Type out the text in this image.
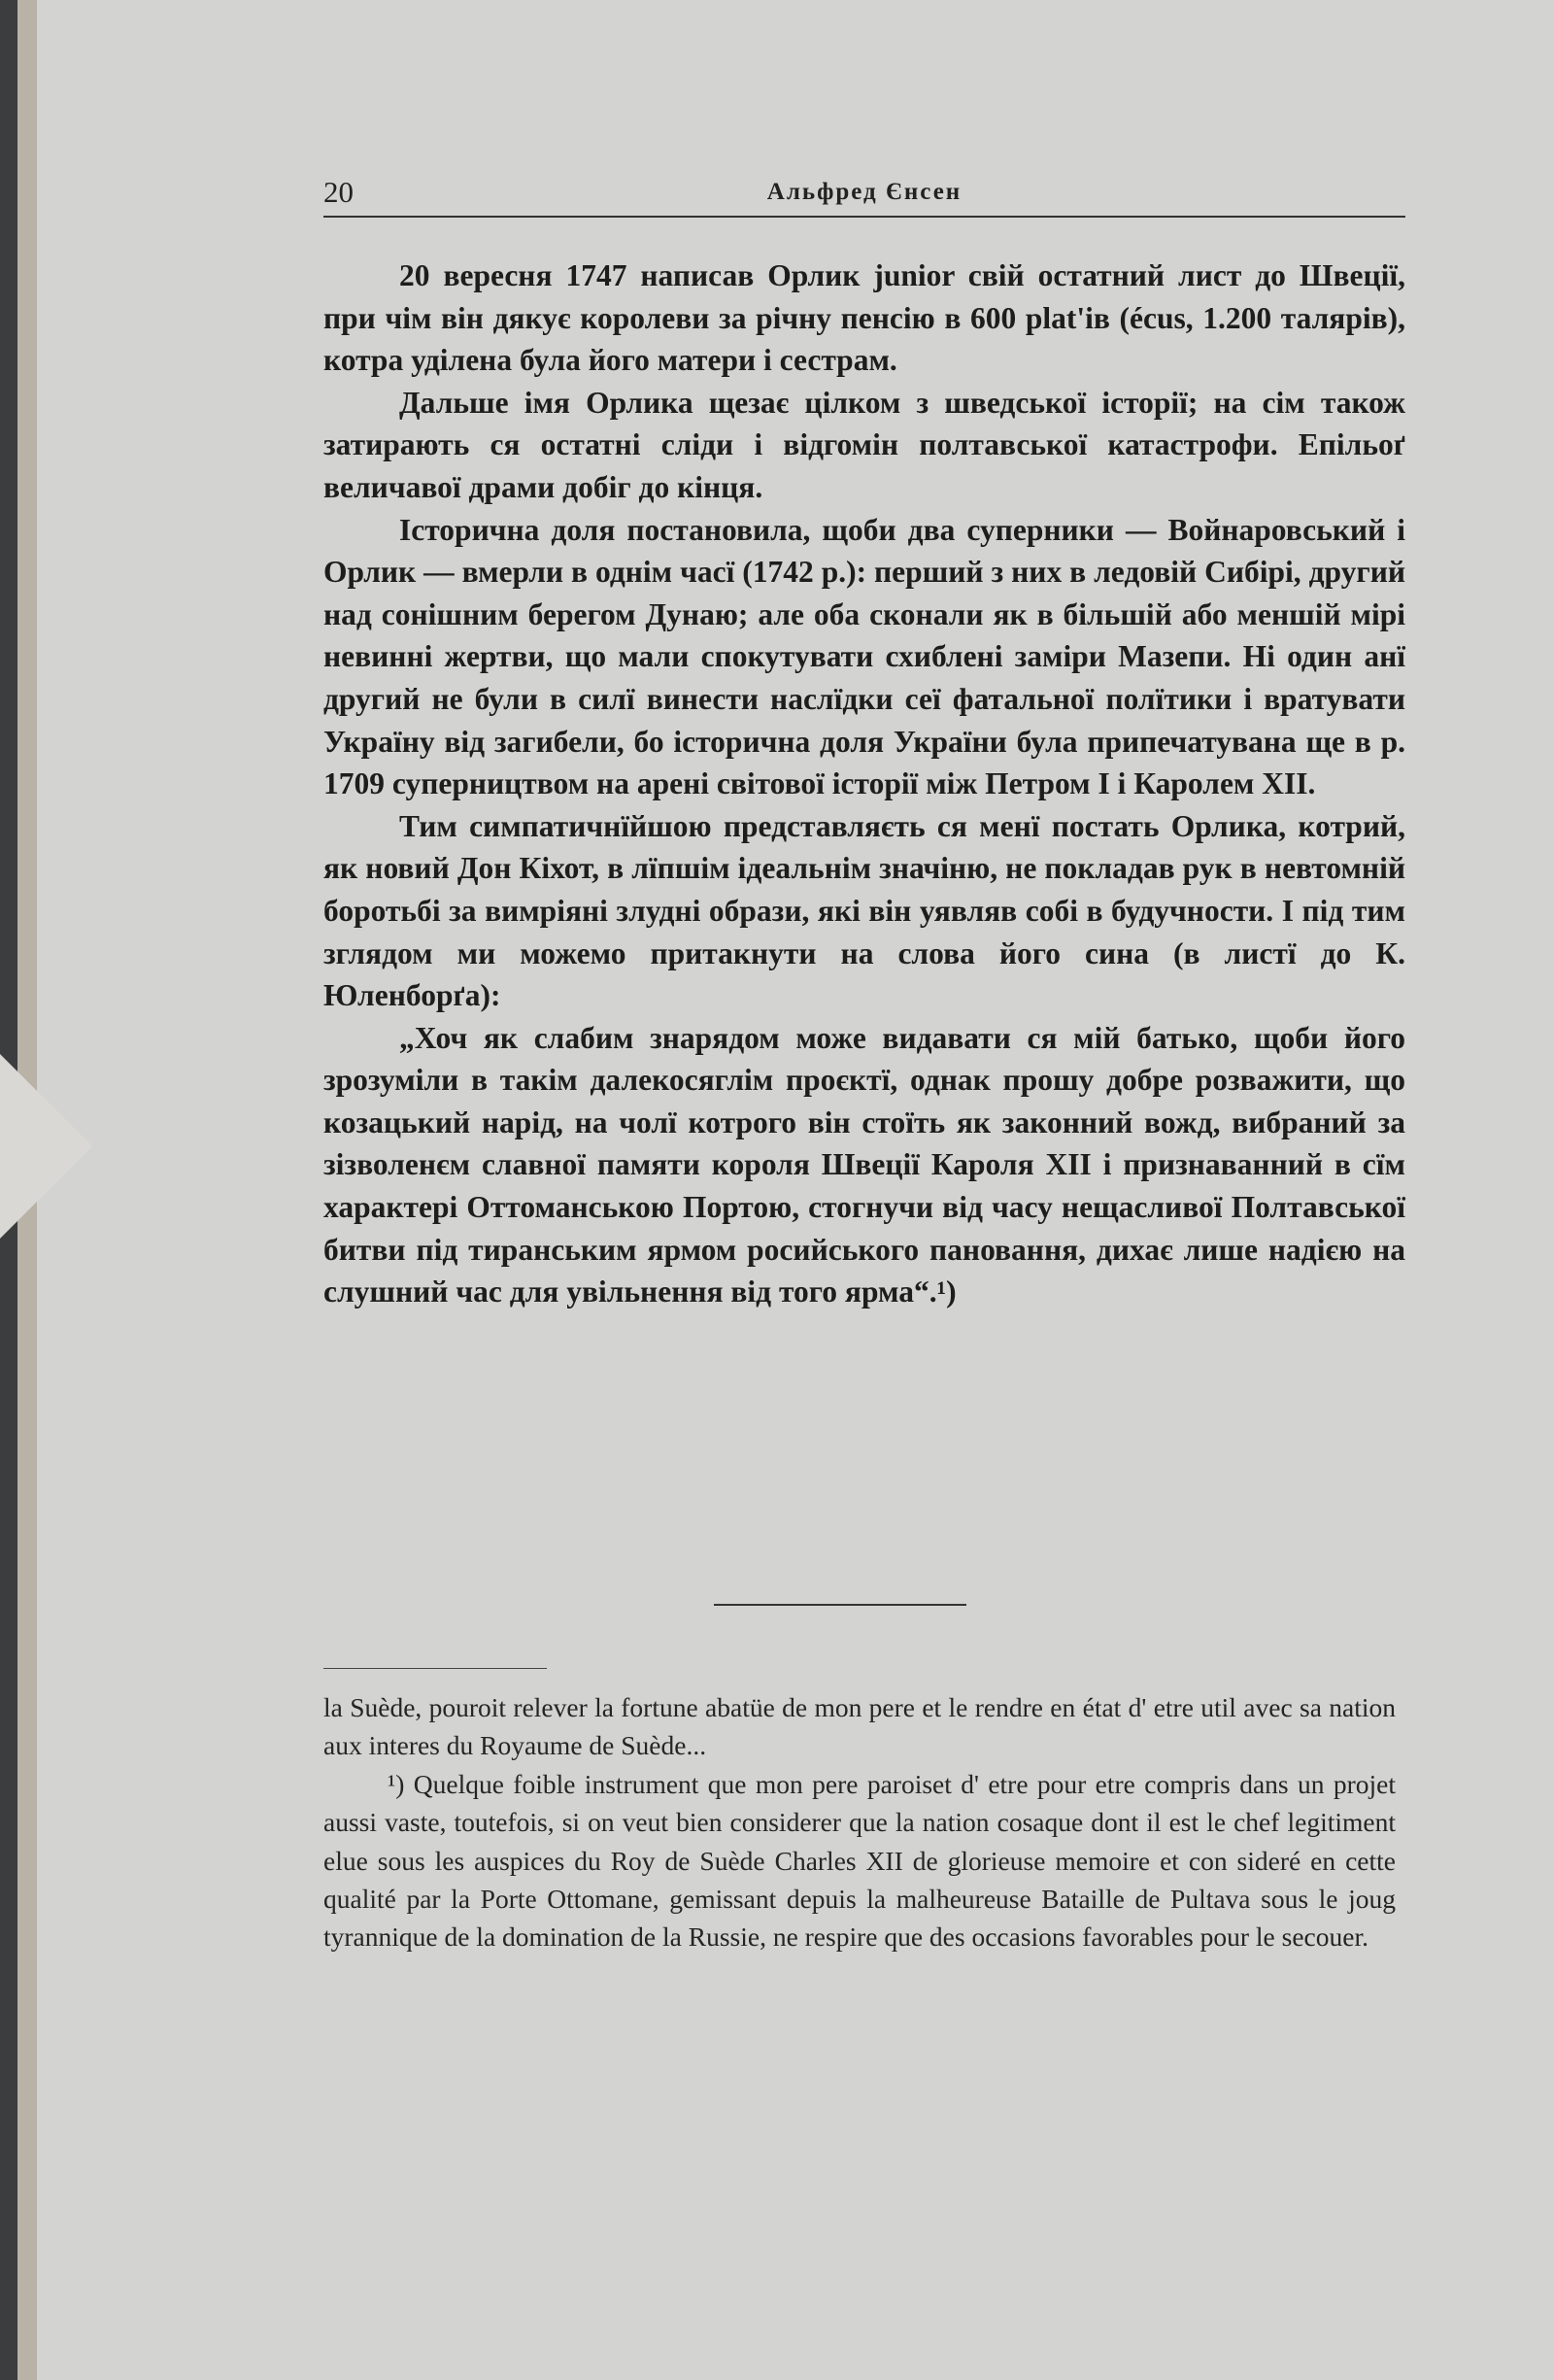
20	Альфред Єнсен

20 вересня 1747 написав Орлик junior свій остатний лист до Швеції, при чім він дякує королеви за річну пенсію в 600 plat'ів (écus, 1.200 талярів), котра уділена була його матери і сестрам.

Дальше імя Орлика щезає цілком з шведської історії; на сім також затирають ся остатні сліди і відгомін полтавської катастрофи. Епільоґ величавої драми добіг до кінця.

Історична доля постановила, щоби два суперники — Войнаровський і Орлик — вмерли в однім часї (1742 р.): перший з них в ледовій Сибірі, другий над сонішним берегом Дунаю; але оба сконали як в більшій або меншій мірі невинні жертви, що мали спокутувати схиблені заміри Мазепи. Ні один анї другий не були в силї винести наслїдки сеї фатальної полїтики і вратувати Україну від загибели, бо історична доля України була припечатувана ще в р. 1709 суперництвом на арені світової історії між Петром І і Каролем ХІІ.

Тим симпатичнїйшою представляєть ся менї постать Орлика, котрий, як новий Дон Кіхот, в лїпшім ідеальнім значіню, не покладав рук в невтомній боротьбі за вимріяні злудні образи, які він уявляв собі в будучности. І під тим зглядом ми можемо притакнути на слова його сина (в листї до К. Юленборґа):

„Хоч як слабим знарядом може видавати ся мій батько, щоби його зрозуміли в такім далекосяглім проєктї, однак прошу добре розважити, що козацький нарід, на чолї котрого він стоїть як законний вожд, вибраний за зізволенєм славної памяти короля Швеції Кароля ХІІ і признаванний в сїм характері Оттоманською Портою, стогнучи від часу нещасливої Полтавської битви під тиранським ярмом росийського пановання, дихає лише надією на слушний час для увільнення від того ярма“.¹)

la Suède, pouroit relever la fortune abatüe de mon pere et le rendre en état d' etre util avec sa nation aux interes du Royaume de Suède...

¹) Quelque foible instrument que mon pere paroiset d' etre pour etre compris dans un projet aussi vaste, toutefois, si on veut bien considerer que la nation cosaque dont il est le chef legitiment elue sous les auspices du Roy de Suède Charles XII de glorieuse memoire et con sideré en cette qualité par la Porte Ottomane, gemissant depuis la malheureuse Bataille de Pultava sous le joug tyrannique de la domination de la Russie, ne respire que des occasions favorables pour le secouer.
